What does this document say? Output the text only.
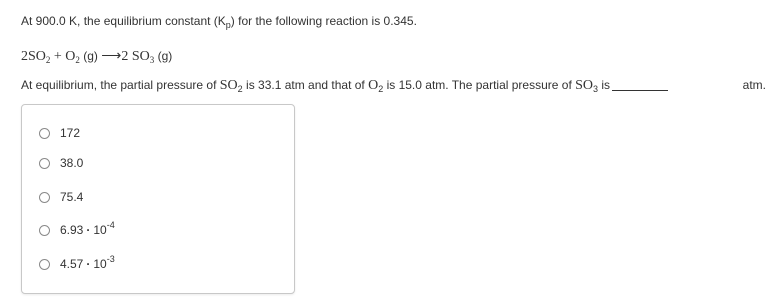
At 900.0 K, the equilibrium constant $(K_p)$ for the following reaction is 0.345.
$2SO_2 + O_2$ (g) ⟶2 $SO_3$ (g)
At equilibrium, the partial pressure of $SO_2$ is 33.1 atm and that of $O_2$ is 15.0 atm. The partial pressure of $SO_3$ is	atm.
172
38.0
75.4
$6.93 \cdot 10^{-4}$
$4.57 \cdot 10^{-3}$
